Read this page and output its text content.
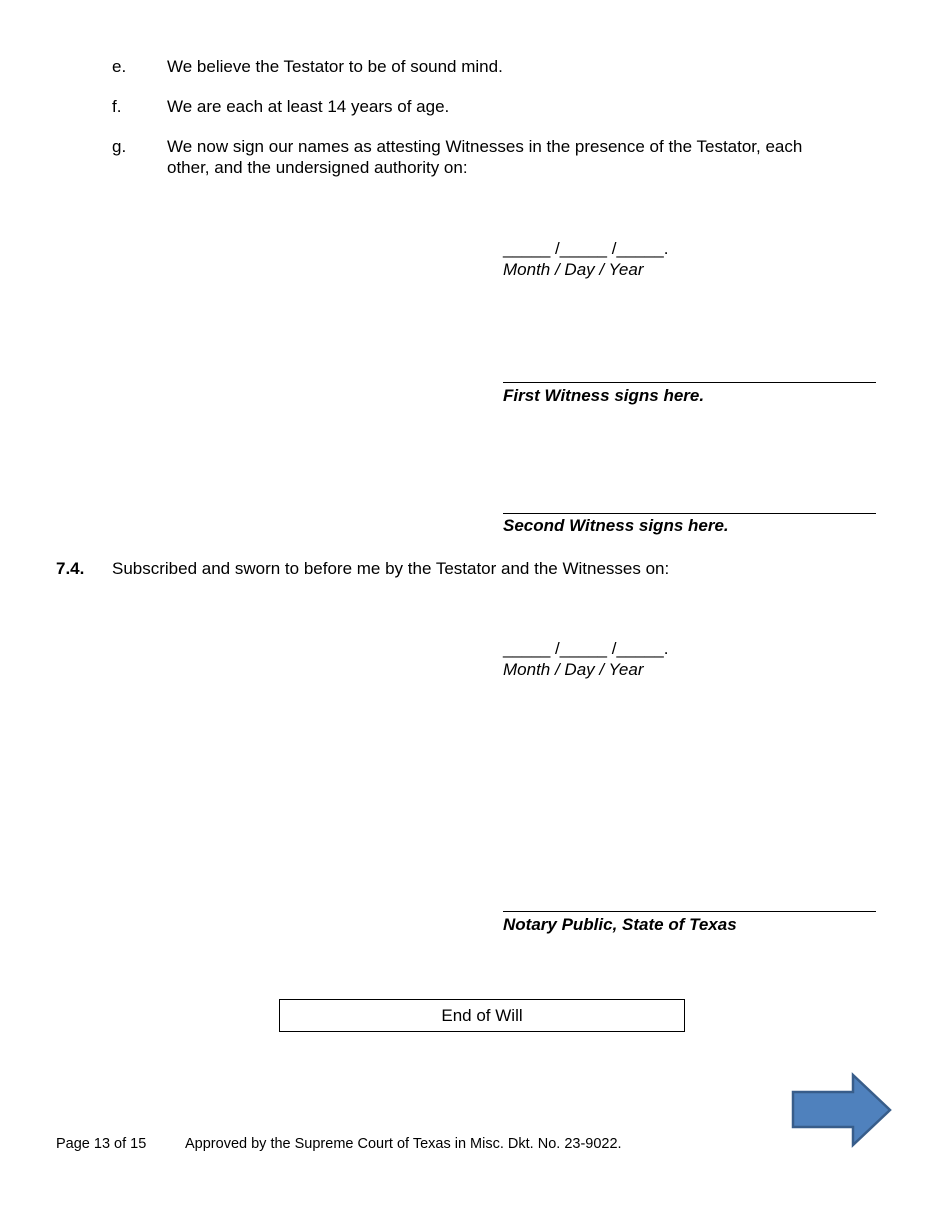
e. We believe the Testator to be of sound mind.
f.	We are each at least 14 years of age.
g. We now sign our names as attesting Witnesses in the presence of the Testator, each
other, and the undersigned authority on:
_____ /_____ /_____.
Month / Day / Year
First Witness signs here.
Second Witness signs here.
7.4. Subscribed and sworn to before me by the Testator and the Witnesses on:
_____ /_____ /_____.
Month / Day / Year
Notary Public, State of Texas
End of Will
Page 13 of 15	Approved by the Supreme Court of Texas in Misc. Dkt. No. 23-9022.
